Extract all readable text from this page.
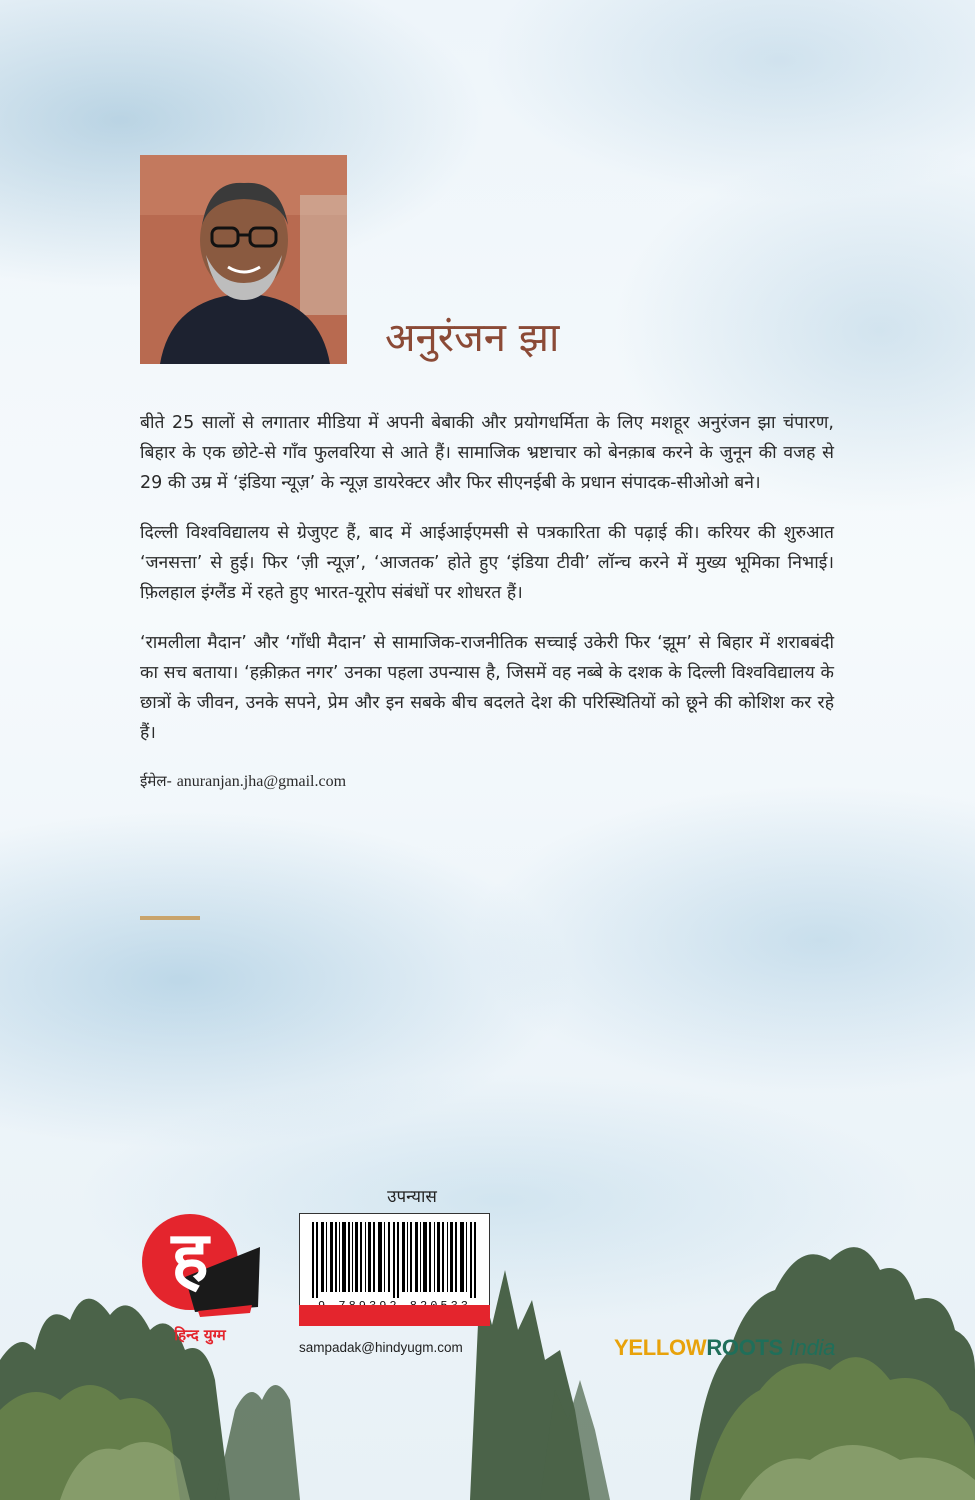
अनुरंजन झा

बीते 25 सालों से लगातार मीडिया में अपनी बेबाकी और प्रयोगधर्मिता के लिए मशहूर अनुरंजन झा चंपारण, बिहार के एक छोटे-से गाँव फुलवरिया से आते हैं। सामाजिक भ्रष्टाचार को बेनक़ाब करने के जुनून की वजह से 29 की उम्र में ‘इंडिया न्यूज़’ के न्यूज़ डायरेक्टर और फिर सीएनईबी के प्रधान संपादक-सीओओ बने।

दिल्ली विश्वविद्यालय से ग्रेजुएट हैं, बाद में आईआईएमसी से पत्रकारिता की पढ़ाई की। करियर की शुरुआत ‘जनसत्ता’ से हुई। फिर ‘ज़ी न्यूज़’, ‘आजतक’ होते हुए ‘इंडिया टीवी’ लॉन्च करने में मुख्य भूमिका निभाई। फ़िलहाल इंग्लैंड में रहते हुए भारत-यूरोप संबंधों पर शोधरत हैं।

‘रामलीला मैदान’ और ‘गाँधी मैदान’ से सामाजिक-राजनीतिक सच्चाई उकेरी फिर ‘झूम’ से बिहार में शराबबंदी का सच बताया। ‘हक़ीक़त नगर’ उनका पहला उपन्यास है, जिसमें वह नब्बे के दशक के दिल्ली विश्वविद्यालय के छात्रों के जीवन, उनके सपने, प्रेम और इन सबके बीच बदलते देश की परिस्थितियों को छूने की कोशिश कर रहे हैं।

ईमेल- anuranjan.jha@gmail.com
ह
हिन्द युग्म
उपन्यास
sampadak@hindyugm.com	YELLOWROOTS India
